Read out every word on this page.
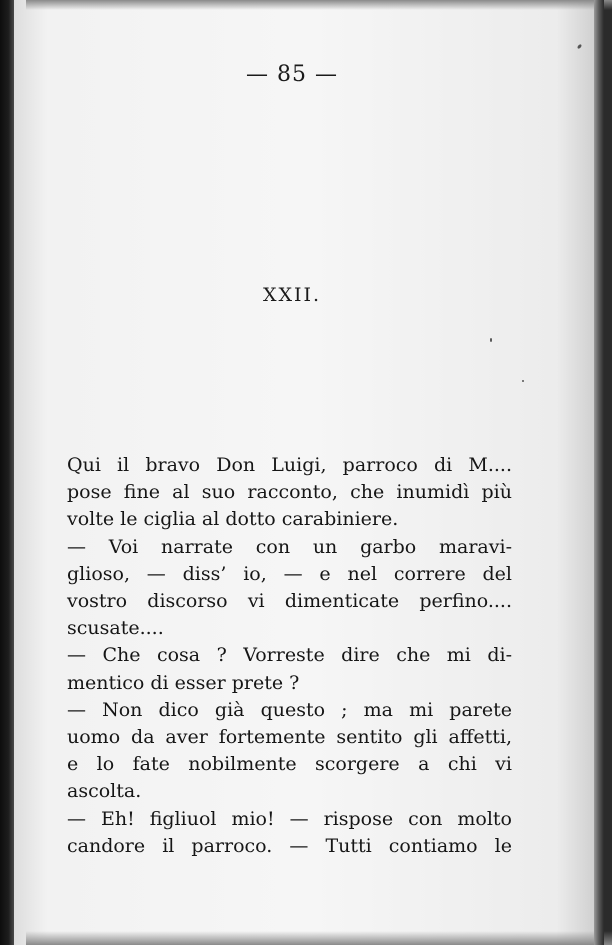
— 85 —
XXII.
Qui il bravo Don Luigi, parroco di M....
pose fine al suo racconto, che inumidì più
volte le ciglia al dotto carabiniere.
— Voi narrate con un garbo maravi-
glioso, — diss’ io, — e nel correre del
vostro discorso vi dimenticate perfino....
scusate....
— Che cosa ? Vorreste dire che mi di-
mentico di esser prete ?
— Non dico già questo ; ma mi parete
uomo da aver fortemente sentito gli affetti,
e lo fate nobilmente scorgere a chi vi
ascolta.
— Eh! figliuol mio! — rispose con molto
candore il parroco. — Tutti contiamo le
